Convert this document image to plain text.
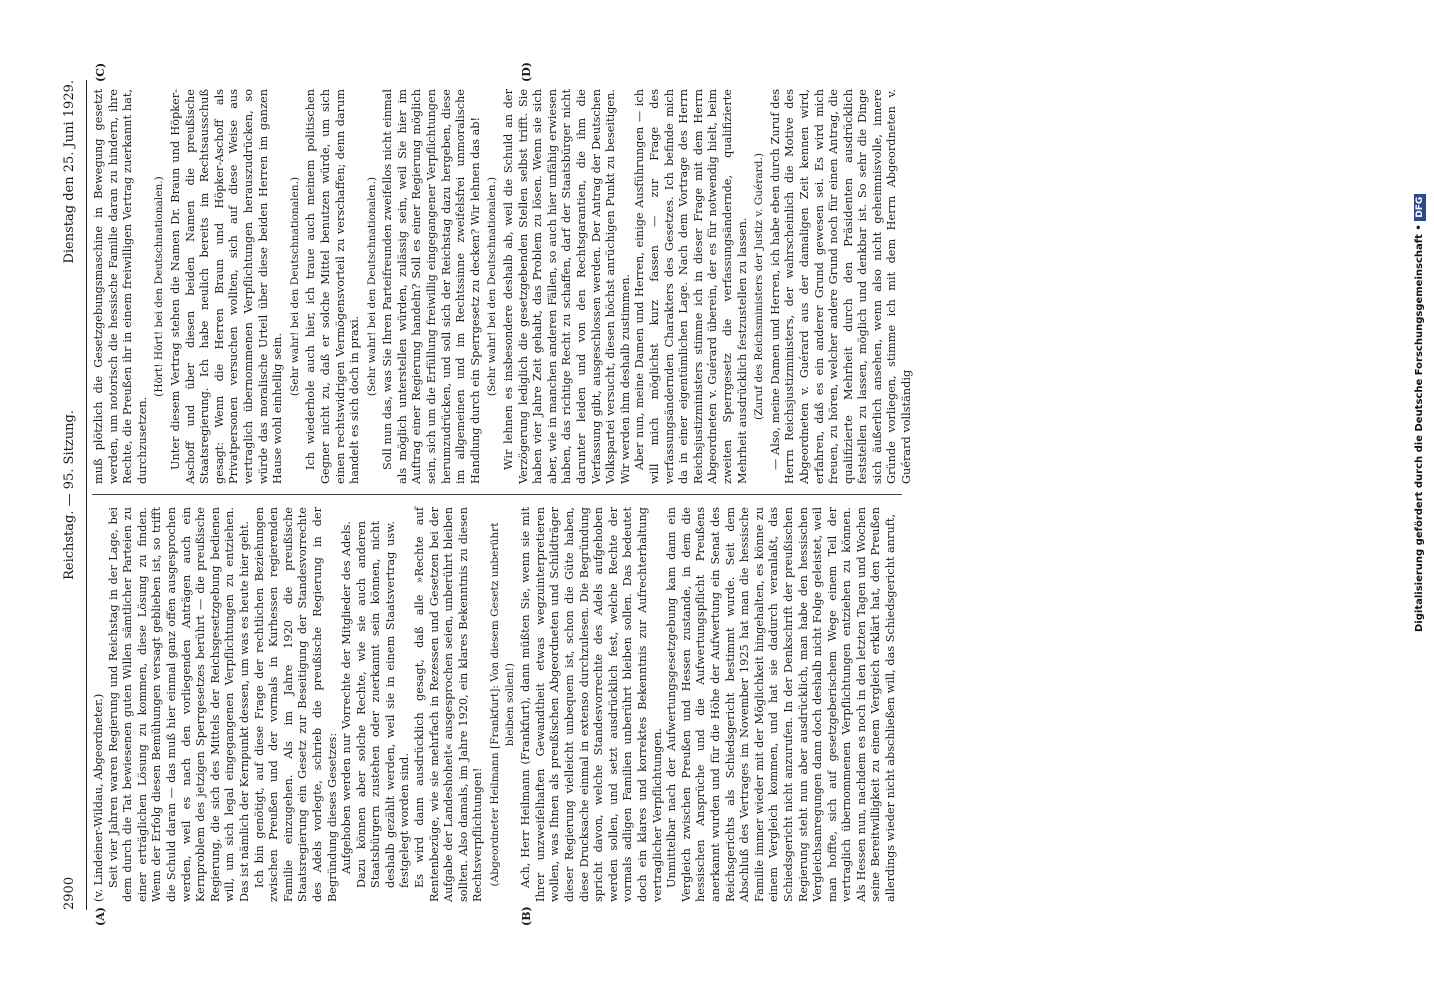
2900
Reichstag. — 95. Sitzung.
Dienstag den 25. Juni 1929.
(A)	(B)
(C)	(D)

(v. Lindeiner-Wildau, Abgeordneter.) Seit vier Jahren waren Regierung und Reichstag in der Lage, bei dem durch die Tat bewiesenen guten Willen sämtlicher Parteien zu einer erträglichen Lösung zu kommen, diese Lösung zu finden. Wenn der Erfolg diesen Bemühungen versagt geblieben ist, so trifft die Schuld daran — das muß hier einmal ganz offen ausgesprochen werden, weil es nach den vorliegenden Anträgen auch ein Kernproblem des jetzigen Sperrgesetzes berührt — die preußische Regierung, die sich des Mittels der Reichsgesetzgebung bedienen will, um sich legal eingegangenen Verpflichtungen zu entziehen. Das ist nämlich der Kernpunkt dessen, um was es heute hier geht. Ich bin genötigt, auf diese Frage der rechtlichen Beziehungen zwischen Preußen und der vormals in Kurhessen regierenden Familie einzugehen. Als im Jahre 1920 die preußische Staatsregierung ein Gesetz zur Beseitigung der Standesvorrechte des Adels vorlegte, schrieb die preußische Regierung in der Begründung dieses Gesetzes: Aufgehoben werden nur Vorrechte der Mitglieder des Adels. Dazu können aber solche Rechte, wie sie auch anderen Staatsbürgern zustehen oder zuerkannt sein können, nicht deshalb gezählt werden, weil sie in einem Staatsvertrag usw. festgelegt worden sind. Es wird dann ausdrücklich gesagt, daß alle »Rechte auf Rentenbezüge, wie sie mehrfach in Rezessen und Gesetzen bei der Aufgabe der Landeshoheit« ausgesprochen seien, unberührt bleiben sollten. Also damals, im Jahre 1920, ein klares Bekenntnis zu diesen Rechtsverpflichtungen! (Abgeordneter Heilmann [Frankfurt]: Von diesem Gesetz unberührt bleiben sollen!) Ach, Herr Heilmann (Frankfurt), dann müßten Sie, wenn sie mit Ihrer unzweifelhaften Gewandtheit etwas wegzuinterpretieren wollen, was Ihnen als preußischen Abgeordneten und Schildträger dieser Regierung vielleicht unbequem ist, schon die Güte haben, diese Drucksache einmal in extenso durchzulesen. Die Begründung spricht davon, welche Standesvorrechte des Adels aufgehoben werden sollen, und setzt ausdrücklich fest, welche Rechte der vormals adligen Familien unberührt bleiben sollen. Das bedeutet doch ein klares und korrektes Bekenntnis zur Aufrechterhaltung vertraglicher Verpflichtungen. Unmittelbar nach der Aufwertungsgesetzgebung kam dann ein Vergleich zwischen Preußen und Hessen zustande, in dem die hessischen Ansprüche und die Aufwertungspflicht Preußens anerkannt wurden und für die Höhe der Aufwertung ein Senat des Reichsgerichts als Schiedsgericht bestimmt wurde. Seit dem Abschluß des Vertrages im November 1925 hat man die hessische Familie immer wieder mit der Möglichkeit hingehalten, es könne zu einem Vergleich kommen, und hat sie dadurch veranlaßt, das Schiedsgericht nicht anzurufen. In der Denkschrift der preußischen Regierung steht nun aber ausdrücklich, man habe den hessischen Vergleichsanregungen dann doch deshalb nicht Folge geleistet, weil man hoffte, sich auf gesetzgeberischem Wege einem Teil der vertraglich übernommenen Verpflichtungen entziehen zu können. Als Hessen nun, nachdem es noch in den letzten Tagen und Wochen seine Bereitwilligkeit zu einem Vergleich erklärt hat, den Preußen allerdings wieder nicht abschließen will, das Schiedsgericht anruft,

muß plötzlich die Gesetzgebungsmaschine in Bewegung gesetzt werden, um notorisch die hessische Familie daran zu hindern, ihre Rechte, die Preußen ihr in einem freiwilligen Vertrag zuerkannt hat, durchzusetzen.

(Hört! Hört! bei den Deutschnationalen.) Unter diesem Vertrag stehen die Namen Dr. Braun und Höpker-Aschoff und über diesen beiden Namen die preußische Staatsregierung. Ich habe neulich bereits im Rechtsausschuß gesagt: Wenn die Herren Braun und Höpker-Aschoff als Privatpersonen versuchen wollten, sich auf diese Weise aus vertraglich übernommenen Verpflichtungen herauszudrücken, so würde das moralische Urteil über diese beiden Herren im ganzen Hause wohl einhellig sein.

(Sehr wahr! bei den Deutschnationalen.) Ich wiederhole auch hier, ich traue auch meinem politischen Gegner nicht zu, daß er solche Mittel benutzen würde, um sich einen rechtswidrigen Vermögensvorteil zu verschaffen; denn darum handelt es sich doch in praxi.

(Sehr wahr! bei den Deutschnationalen.) Soll nun das, was Sie Ihren Parteifreunden zweifellos nicht einmal als möglich unterstellen würden, zulässig sein, weil Sie hier im Auftrag einer Regierung handeln? Soll es einer Regierung möglich sein, sich um die Erfüllung freiwillig eingegangener Verpflichtungen herumzudrücken, und soll sich der Reichstag dazu hergeben, diese im allgemeinen und im Rechtssinne zweifelsfrei unmoralische Handlung durch ein Sperrgesetz zu decken? Wir lehnen das ab! (Sehr wahr! bei den Deutschnationalen.) Wir lehnen es insbesondere deshalb ab, weil die Schuld an der Verzögerung lediglich die gesetzgebenden Stellen selbst trifft. Sie haben vier Jahre Zeit gehabt, das Problem zu lösen. Wenn sie sich aber, wie in manchen anderen Fällen, so auch hier unfähig erwiesen haben, das richtige Recht zu schaffen, darf der Staatsbürger nicht darunter leiden und von den Rechtsgarantien, die ihm die Verfassung gibt, ausgeschlossen werden. Der Antrag der Deutschen Volkspartei versucht, diesen höchst anrüchigen Punkt zu beseitigen. Wir werden ihm deshalb zustimmen. Aber nun, meine Damen und Herren, einige Ausführungen — ich will mich möglichst kurz fassen — zur Frage des verfassungsändernden Charakters des Gesetzes. Ich befinde mich da in einer eigentümlichen Lage. Nach dem Vortrage des Herrn Reichsjustizministers stimme ich in dieser Frage mit dem Herrn Abgeordneten v. Guérard überein, der es für notwendig hielt, beim zweiten Sperrgesetz die verfassungsändernde, qualifizierte Mehrheit ausdrücklich festzustellen zu lassen. (Zuruf des Reichsministers der Justiz v. Guérard.) — Also, meine Damen und Herren, ich habe eben durch Zuruf des Herrn Reichsjustizministers, der wahrscheinlich die Motive des Abgeordneten v. Guérard aus der damaligen Zeit kennen wird, erfahren, daß es ein anderer Grund gewesen sei. Es wird mich freuen, zu hören, welcher andere Grund noch für einen Antrag, die qualifizierte Mehrheit durch den Präsidenten ausdrücklich feststellen zu lassen, möglich und denkbar ist. So sehr die Dinge sich äußerlich ansehen, wenn also nicht geheimnisvolle, innere Gründe vorliegen, stimme ich mit dem Herrn Abgeordneten v. Guérard vollständig	Digitalisierung gefördert durch die Deutsche Forschungsgemeinschaft • DFG
